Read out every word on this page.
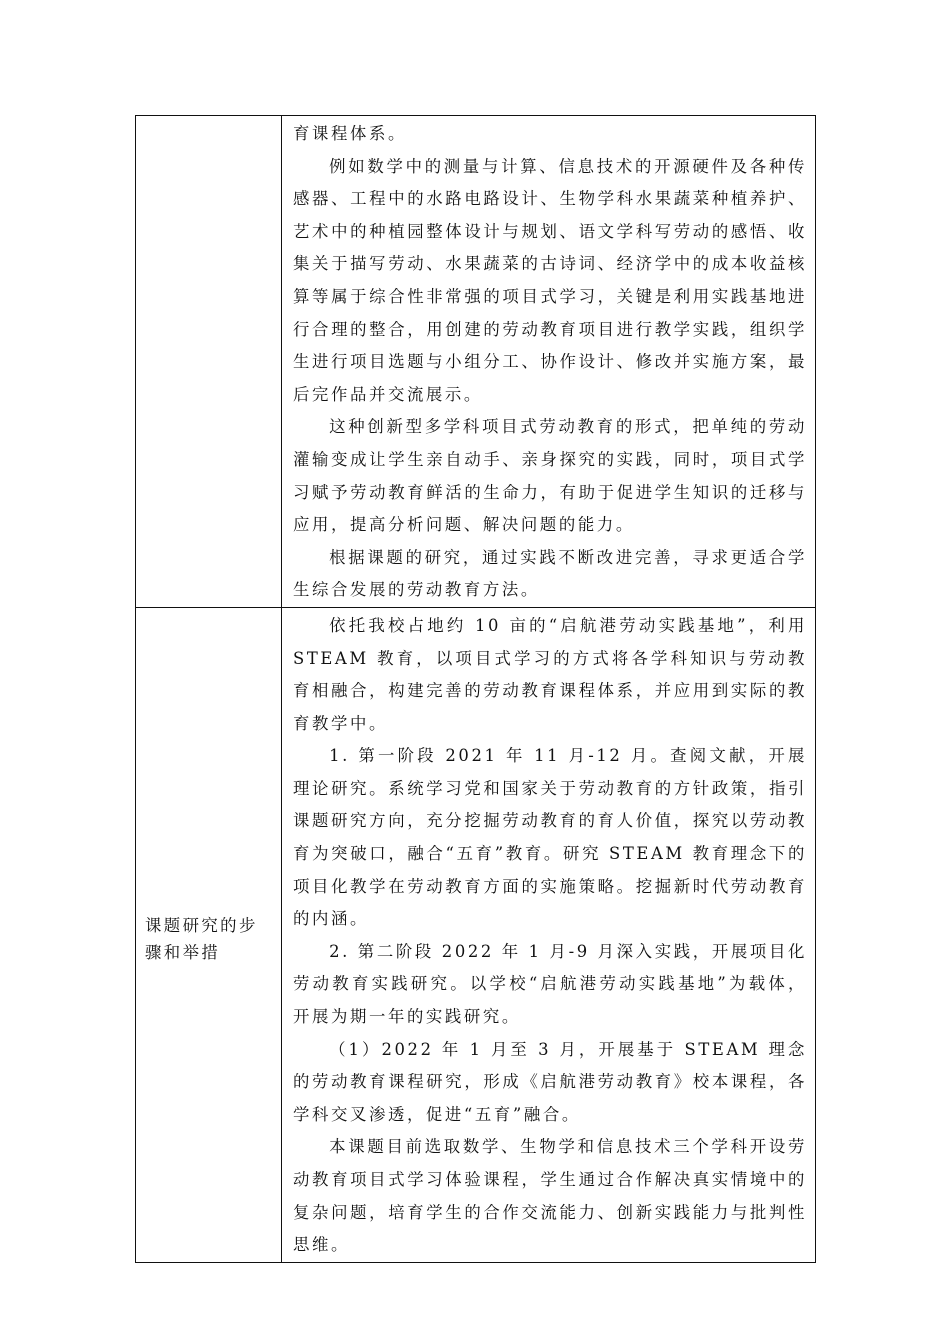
	育课程体系。

例如数学中的测量与计算、信息技术的开源硬件及各种传感器、工程中的水路电路设计、生物学科水果蔬菜种植养护、艺术中的种植园整体设计与规划、语文学科写劳动的感悟、收集关于描写劳动、水果蔬菜的古诗词、经济学中的成本收益核算等属于综合性非常强的项目式学习，关键是利用实践基地进行合理的整合，用创建的劳动教育项目进行教学实践，组织学生进行项目选题与小组分工、协作设计、修改并实施方案，最后完作品并交流展示。

这种创新型多学科项目式劳动教育的形式，把单纯的劳动灌输变成让学生亲自动手、亲身探究的实践，同时，项目式学习赋予劳动教育鲜活的生命力，有助于促进学生知识的迁移与应用，提高分析问题、解决问题的能力。

根据课题的研究，通过实践不断改进完善，寻求更适合学生综合发展的劳动教育方法。

课题研究的步骤和举措	依托我校占地约 10 亩的“启航港劳动实践基地”，利用 STEAM 教育，以项目式学习的方式将各学科知识与劳动教育相融合，构建完善的劳动教育课程体系，并应用到实际的教育教学中。

1. 第一阶段 2021 年 11 月-12 月。查阅文献，开展理论研究。系统学习党和国家关于劳动教育的方针政策，指引课题研究方向，充分挖掘劳动教育的育人价值，探究以劳动教育为突破口，融合“五育”教育。研究 STEAM 教育理念下的项目化教学在劳动教育方面的实施策略。挖掘新时代劳动教育的内涵。

2. 第二阶段 2022 年 1 月-9 月深入实践，开展项目化劳动教育实践研究。以学校“启航港劳动实践基地”为载体，开展为期一年的实践研究。

（1）2022 年 1 月至 3 月，开展基于 STEAM 理念的劳动教育课程研究，形成《启航港劳动教育》校本课程，各学科交叉渗透，促进“五育”融合。

本课题目前选取数学、生物学和信息技术三个学科开设劳动教育项目式学习体验课程，学生通过合作解决真实情境中的复杂问题，培育学生的合作交流能力、创新实践能力与批判性思维。
